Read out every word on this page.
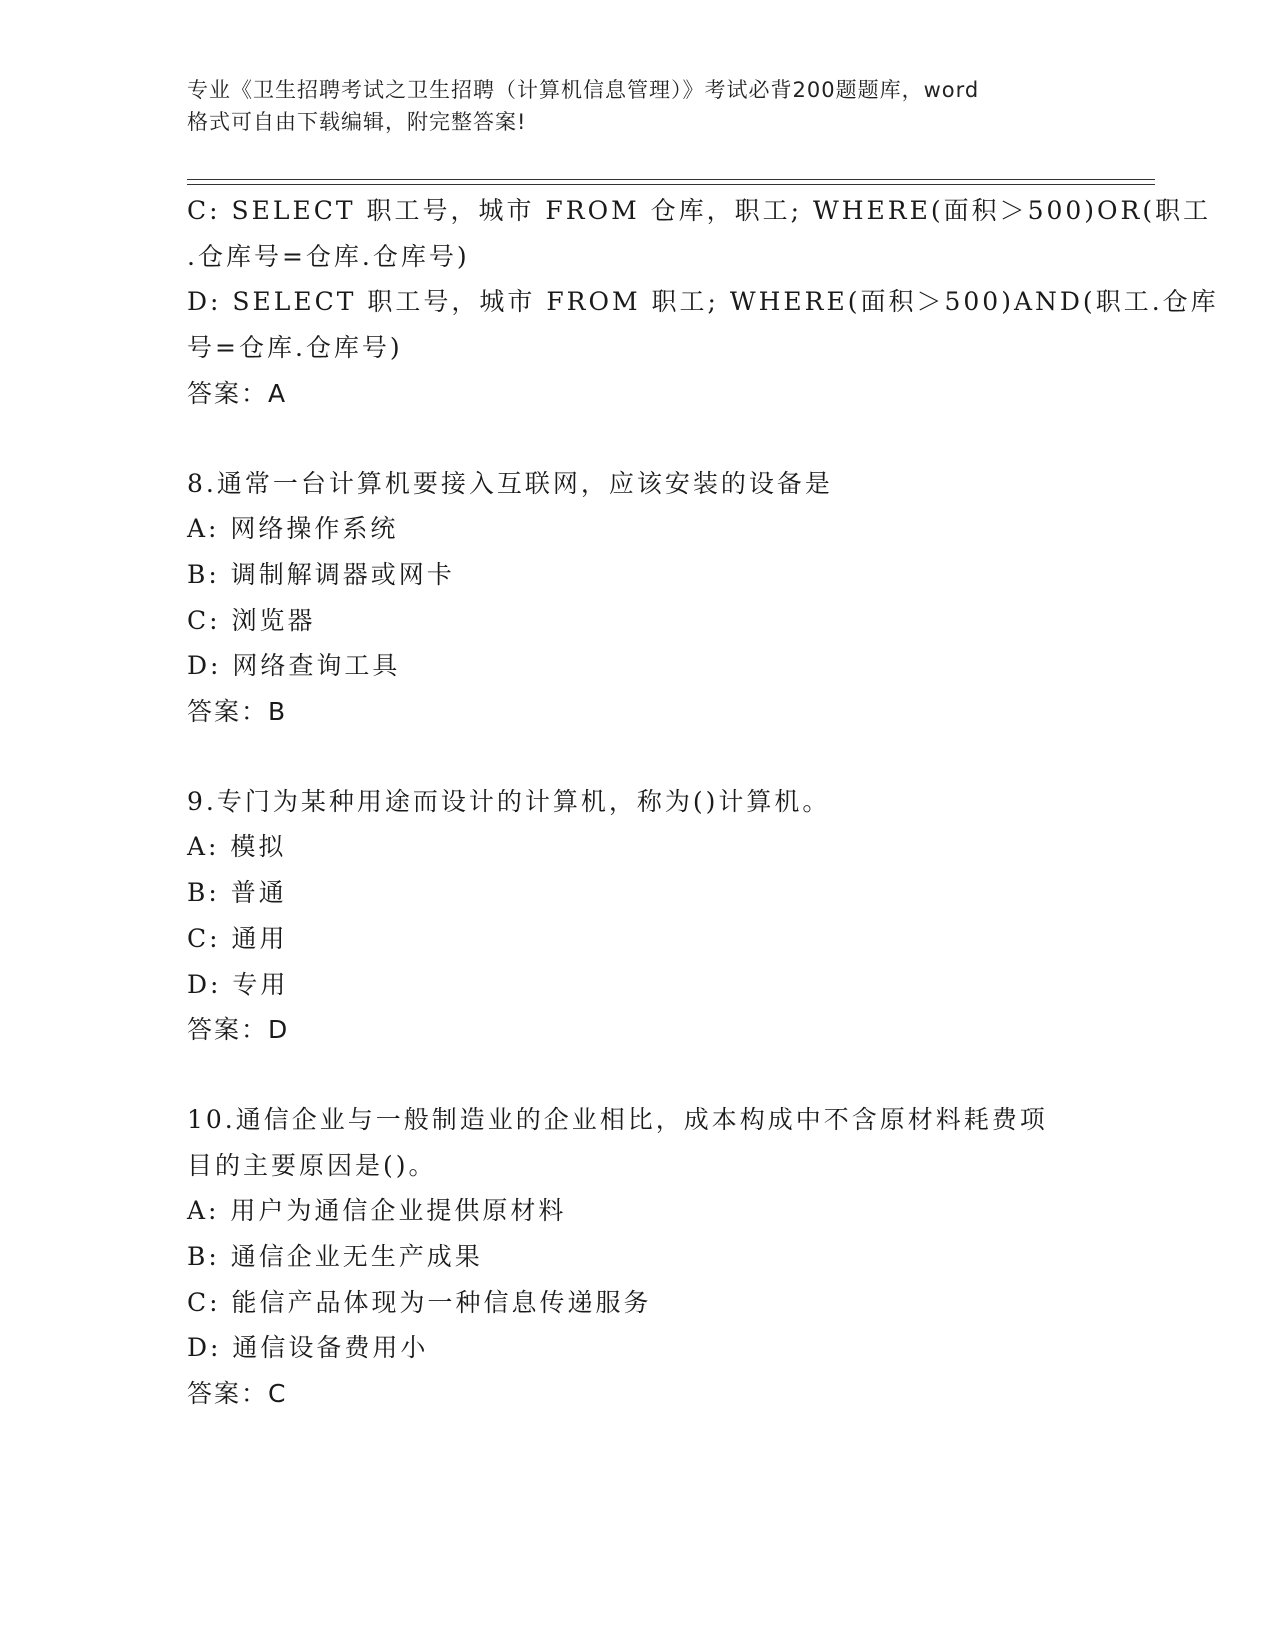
专业《卫生招聘考试之卫生招聘（计算机信息管理）》考试必背200题题库，word
格式可自由下载编辑，附完整答案!
C: SELECT 职工号，城市 FROM 仓库，职工; WHERE(面积＞500)OR(职工
.仓库号=仓库.仓库号)
D: SELECT 职工号，城市 FROM 职工; WHERE(面积＞500)AND(职工.仓库
号=仓库.仓库号)
答案：A
8.通常一台计算机要接入互联网，应该安装的设备是
A: 网络操作系统
B: 调制解调器或网卡
C: 浏览器
D: 网络查询工具
答案：B
9.专门为某种用途而设计的计算机，称为()计算机。
A: 模拟
B: 普通
C: 通用
D: 专用
答案：D
10.通信企业与一般制造业的企业相比，成本构成中不含原材料耗费项
目的主要原因是()。
A: 用户为通信企业提供原材料
B: 通信企业无生产成果
C: 能信产品体现为一种信息传递服务
D: 通信设备费用小
答案：C
